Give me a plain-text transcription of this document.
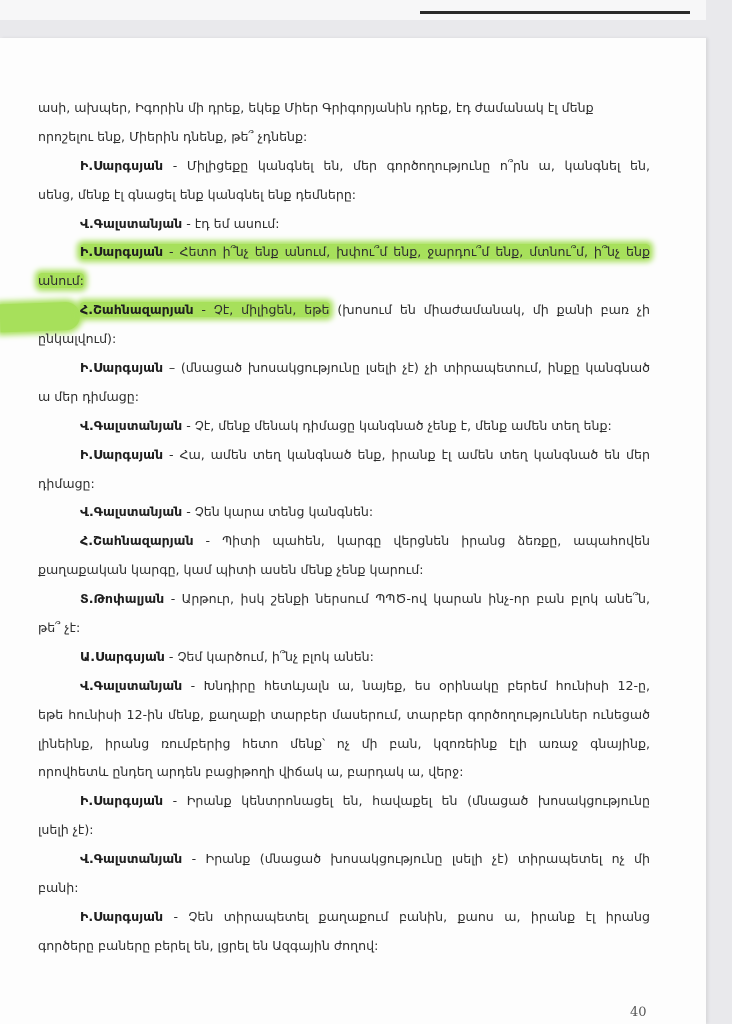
ասի, ախպեր, Իգորին մի դրեք, եկեք Միեր Գրիգորյանին դրեք, էդ ժամանակ էլ մենք
որոշելու ենք, Միերին դնենք, թե՞ չդնենք:
Ի.Սարգսյան - Միլիցեքը կանգնել են, մեր գործողությունը ո՞րն ա, կանգնել են,
սենց, մենք էլ գնացել ենք կանգնել ենք դեմները:
Վ.Գալստանյան - էդ եմ ասում:
Ի.Սարգսյան - Հետո ի՞նչ ենք անում, խփու՞մ ենք, ջարդու՞մ ենք, մտնու՞մ, ի՞նչ ենք
անում:
Հ.Շահնազարյան - Չէ, միլիցեն, եթե (խոսում են միաժամանակ, մի քանի բառ չի
ընկալվում):
Ի.Սարգսյան – (մնացած խոսակցությունը լսելի չէ) չի տիրապետում, ինքը կանգնած
ա մեր դիմացը:
Վ.Գալստանյան - Չէ, մենք մենակ դիմացը կանգնած չենք է, մենք ամեն տեղ ենք:
Ի.Սարգսյան - Հա, ամեն տեղ կանգնած ենք, իրանք էլ ամեն տեղ կանգնած են մեր
դիմացը:
Վ.Գալստանյան - Չեն կարա տենց կանգնեն:
Հ.Շահնազարյան - Պիտի պահեն, կարգը վերցնեն իրանց ձեռքը, ապահովեն
քաղաքական կարգը, կամ պիտի ասեն մենք չենք կարում:
Տ.Թոփալյան - Արթուր, իսկ շենքի ներսում ՊՊԾ-ով կարան ինչ-որ բան բլոկ անե՞ն,
թե՞ չէ:
Ա.Սարգսյան - Չեմ կարծում, ի՞նչ բլոկ անեն:
Վ.Գալստանյան - Խնդիրը հետևյալն ա, նայեք, ես օրինակը բերեմ հունիսի 12-ը,
եթե հունիսի 12-ին մենք, քաղաքի տարբեր մասերում, տարբեր գործողություններ ունեցած
լինեինք, իրանց ռումբերից հետո մենք՝ ոչ մի բան, կզոռեինք էլի առաջ գնայինք,
որովհետև ընդեղ արդեն բացիթողի վիճակ ա, բարդակ ա, վերջ:
Ի.Սարգսյան - Իրանք կենտրոնացել են, հավաքել են (մնացած խոսակցությունը
լսելի չէ):
Վ.Գալստանյան - Իրանք (մնացած խոսակցությունը լսելի չէ) տիրապետել ոչ մի
բանի:
Ի.Սարգսյան - Չեն տիրապետել քաղաքում բանին, քաոս ա, իրանք էլ իրանց
գործերը բաները բերել են, լցրել են Ազգային ժողով:
40
